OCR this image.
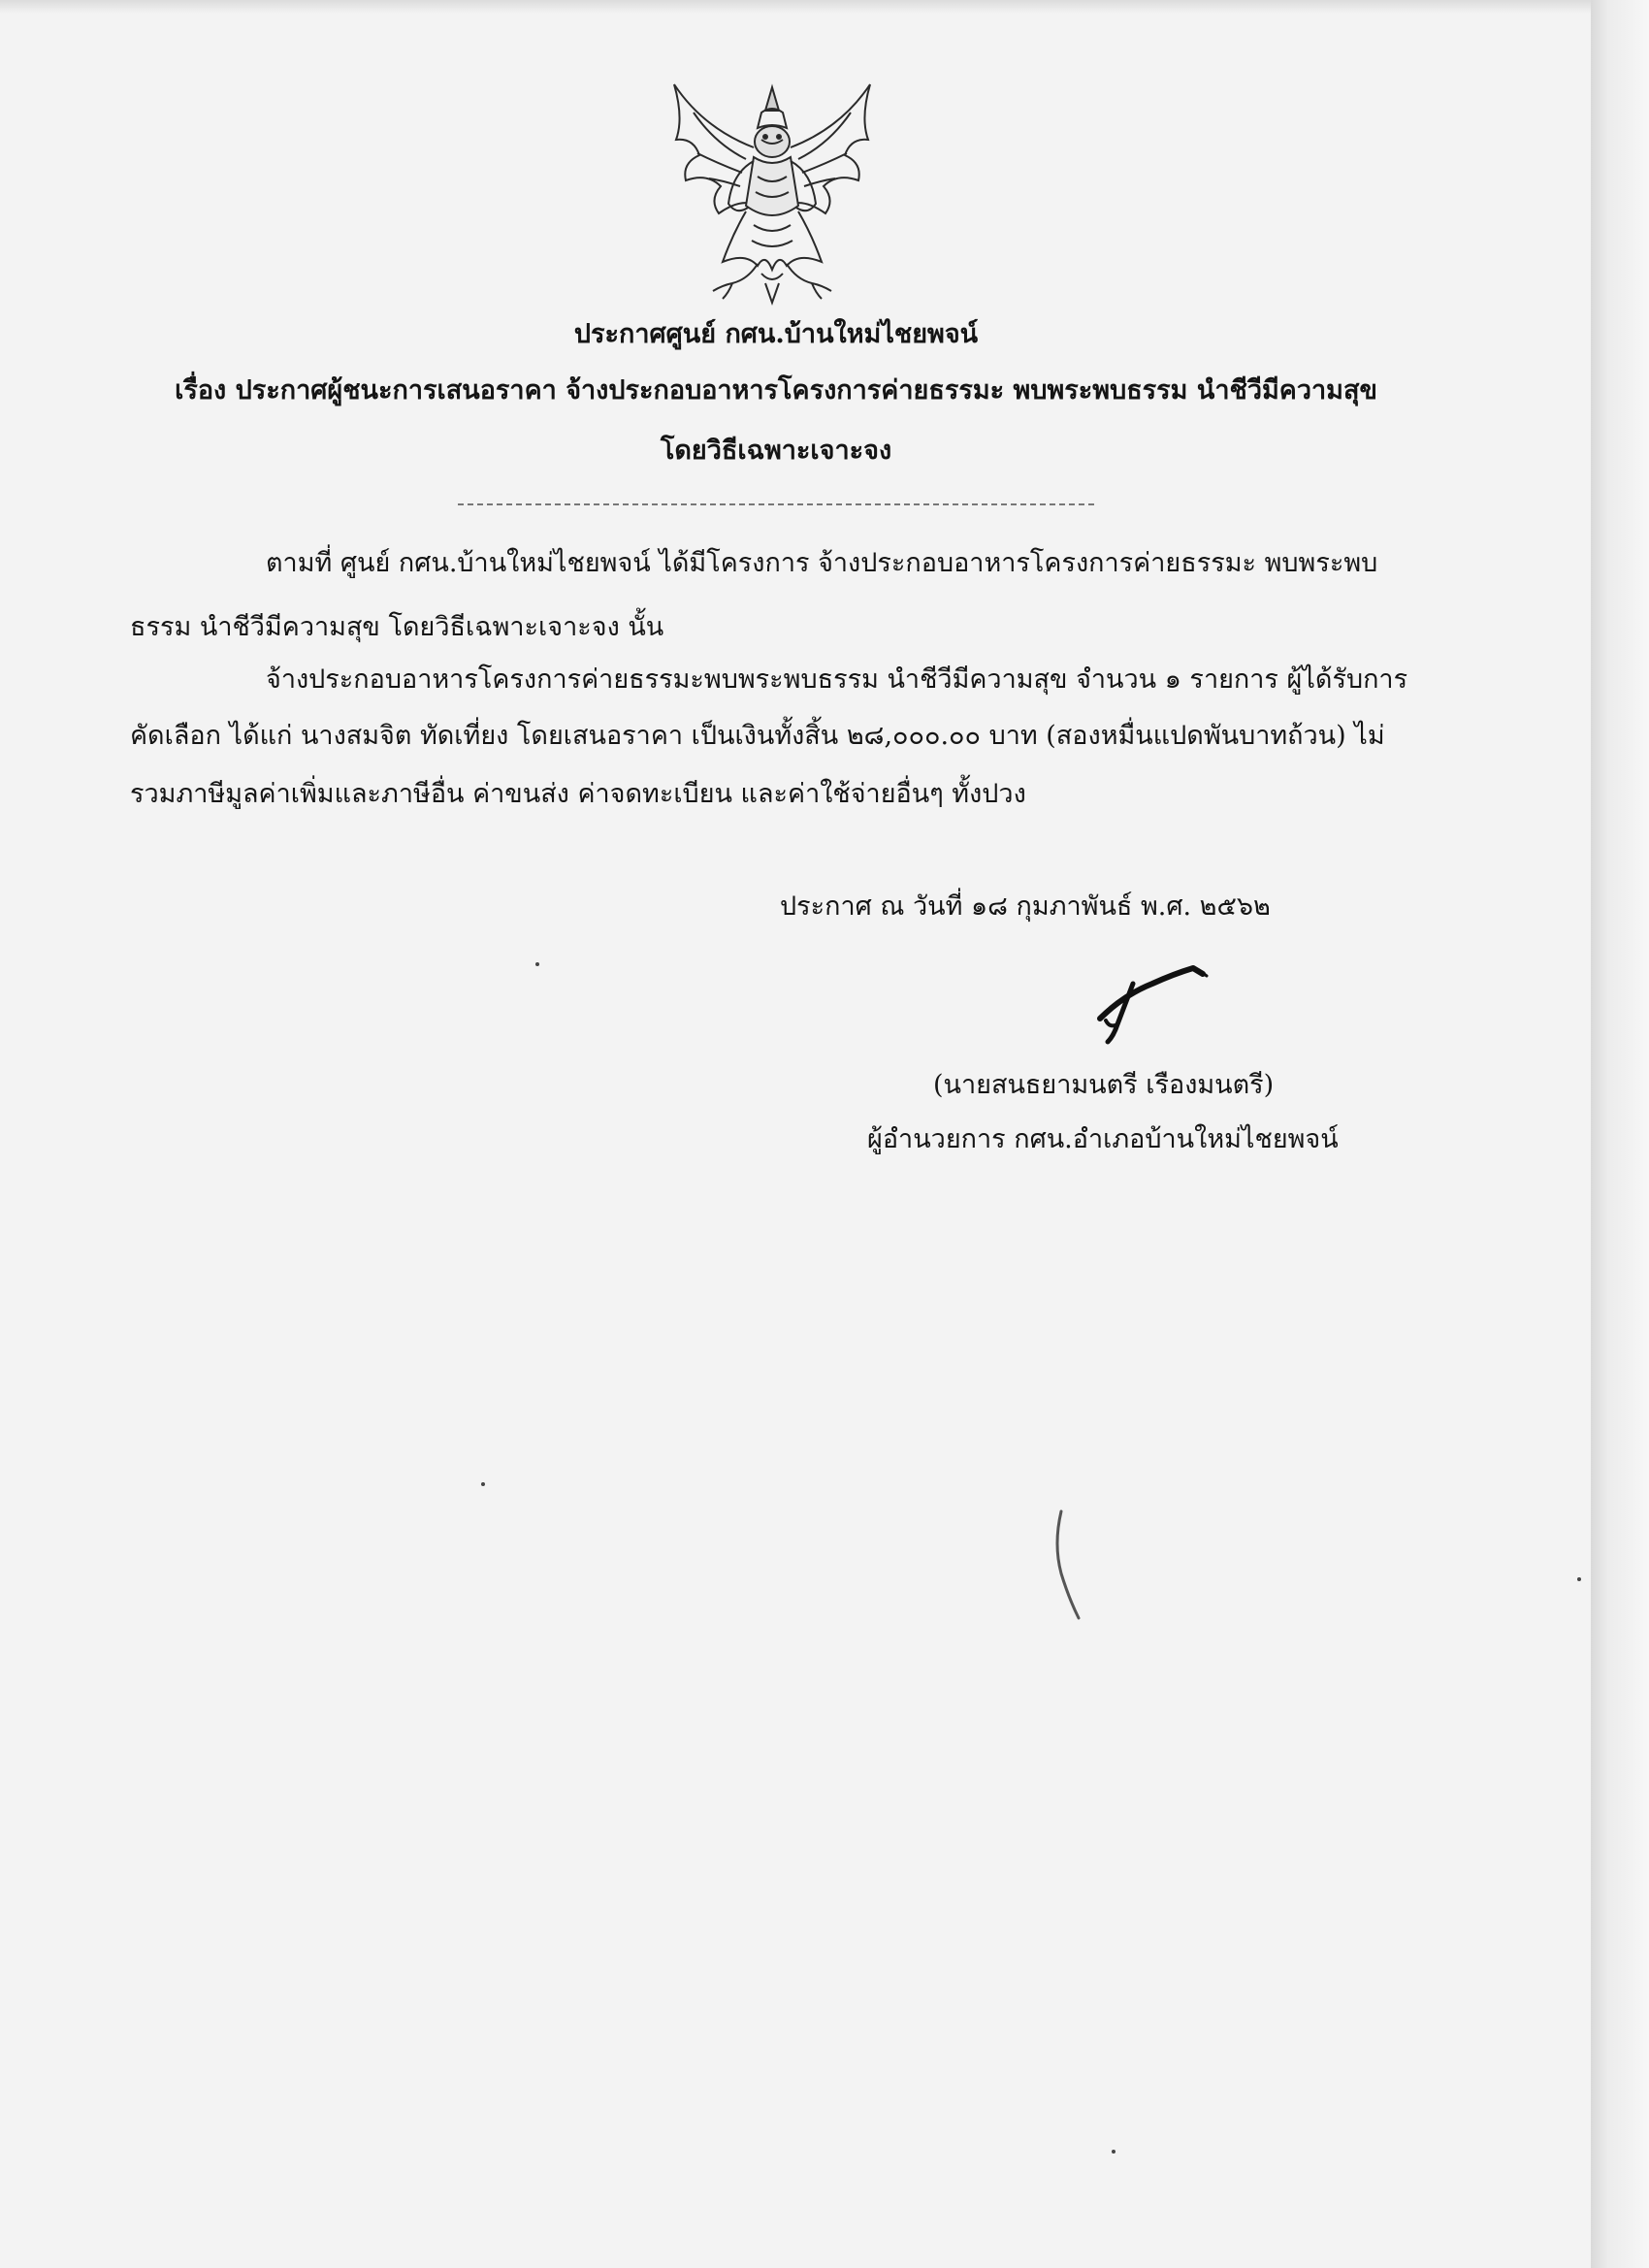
ประกาศศูนย์ กศน.บ้านใหม่ไชยพจน์
เรื่อง ประกาศผู้ชนะการเสนอราคา จ้างประกอบอาหารโครงการค่ายธรรมะ พบพระพบธรรม นำชีวีมีความสุข
โดยวิธีเฉพาะเจาะจง
ตามที่ ศูนย์ กศน.บ้านใหม่ไชยพจน์ ได้มีโครงการ จ้างประกอบอาหารโครงการค่ายธรรมะ พบพระพบ
ธรรม นำชีวีมีความสุข โดยวิธีเฉพาะเจาะจง นั้น
จ้างประกอบอาหารโครงการค่ายธรรมะพบพระพบธรรม นำชีวีมีความสุข จำนวน ๑ รายการ ผู้ได้รับการ
คัดเลือก ได้แก่ นางสมจิต ทัดเที่ยง โดยเสนอราคา เป็นเงินทั้งสิ้น ๒๘,๐๐๐.๐๐ บาท (สองหมื่นแปดพันบาทถ้วน) ไม่
รวมภาษีมูลค่าเพิ่มและภาษีอื่น ค่าขนส่ง ค่าจดทะเบียน และค่าใช้จ่ายอื่นๆ ทั้งปวง
ประกาศ ณ วันที่ ๑๘ กุมภาพันธ์ พ.ศ. ๒๕๖๒
(นายสนธยามนตรี เรืองมนตรี)
ผู้อำนวยการ กศน.อำเภอบ้านใหม่ไชยพจน์
